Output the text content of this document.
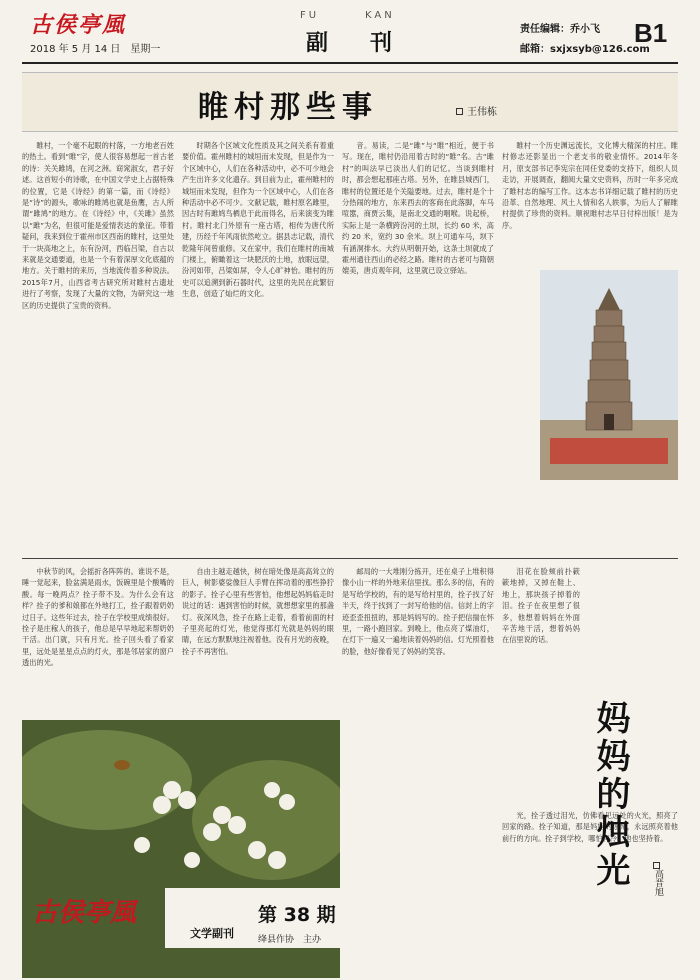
古侯亭風
2018 年 5 月 14 日　星期一
FU	KAN
副　刊
责任编辑：乔小飞
邮箱：sxjxsyb@126.com
B1
睢村那些事	王伟栋

睢村，一个毫不起眼的村落，一方地老百姓的热土。看到“睢”字，使人很容易想起一首古老的诗：关关雎鸠，在河之洲。窈窕淑女，君子好逑。这首短小的诗歌，在中国文学史上占据特殊的位置，它是《诗经》的第一篇，而《诗经》是“诗”的源头，歌咏的睢鸠也就是鱼鹰，古人所谓“雎鸠”的地方。在《诗经》中，《关雎》虽然以“雎”为名，但很可能是爱情表达的象征。带着疑问，我来到位于霍州市区西南的睢村，这里处于一块高地之上，东有汾河，西临吕梁，自古以来就是交通要道，也是一个有着深厚文化底蕴的地方。关于睢村的来历，当地流传着多种说法。2015年7月，山西省考古研究所对睢村古遗址进行了考察，发现了大量的文物，为研究这一地区的历史提供了宝贵的资料。

时期各个区域文化性质及其之间关系有着重要价值。霍州睢村的城垣而未发现，但是作为一个区域中心，人们在各种活动中，必不可少地会产生出许多文化遗存。到目前为止，霍州睢村的城垣而未发现，但作为一个区域中心，人们在各种活动中必不可少。文献记载，睢村原名雎里，因古时有雎鸠鸟栖息于此而得名，后来演变为睢村。睢村北门外原有一座古塔，相传为唐代所建，历经千年风雨依然屹立。据县志记载，清代乾隆年间曾重修。又在家中，我们在睢村的南城门楼上，俯瞰着这一块肥沃的土地，放眼远望，汾河如带，吕梁如屏，令人心旷神怡。睢村的历史可以追溯到新石器时代，这里的先民在此繁衍生息，创造了灿烂的文化。

音。易读，二是“雎”与“睢”相近，便于书写。现在，睢村仍沿用着古时的“睢”名。古“雎村”的叫法早已淡出人们的记忆。当谈到睢村时，都会想起那座古塔。另外，在睢县城西门，睢村的位置还是个关隘要地。过去，睢村是个十分热闹的地方，东来西去的客商在此落脚，车马喧嚣，商贾云集，是南北交通的咽喉。说起桥，实际上是一条横跨汾河的土坝，长约 60 米，高约 20 米，宽约 30 余米。坝上可通车马，坝下有涵洞排水。大约从明朝开始，这条土坝就成了霍州通往西山的必经之路。睢村的古老可与隋朝媲美，唐贞观年间，这里就已设立驿站。

睢村一个历史渊远流长，文化博大精深的村庄。睢村修志还影显出一个老支书的敬业情怀。2014年冬月，原支部书记李宪宗在同任党委的支持下，组织人员走访，开展调查，翻阅大量文史资料，历时一年多完成了睢村志的编写工作。这本志书详细记载了睢村的历史沿革、自然地理、风土人情和名人轶事，为后人了解睢村提供了珍贵的资料。顺祝睢村志早日付梓出版！是为序。

中秋节的风，会摇折各阵阵的。谁说不是，睡一觉起来，脸盆满是雨水，饭碗里是个酸嘴的酸。每一晚两点？拴子带不及。为什么会有这样？拴子的爹和娘都在外地打工，拴子跟着奶奶过日子。这些年过去，拴子在学校里成绩很好。拴子是庄稼人的孩子，他总是早早地起来帮奶奶干活。出门就，只有月光。拴子回头看了看家里，远处是星星点点的灯火，那是邻居家的窗户透出的光。

自由主越走越快，树在暗处像是高高耸立的巨人，树影婆娑像巨人手臂在挥动着的那些狰狞的影子。拴子心里有些害怕，他想起妈妈临走时说过的话：遇到害怕的时候，就想想家里的那盏灯。夜深风急，拴子在路上走着，看着前面的村子里亮起的灯光，他觉得那灯光就是妈妈的眼睛，在远方默默地注视着他。没有月光的夜晚，拴子不再害怕。

邮局的一大堆刚分拣开，还在桌子上堆积得像小山一样的外地来信里找。那么多的信，有的是写给学校的，有的是写给村里的，拴子找了好半天，终于找到了一封写给他的信。信封上的字迹歪歪扭扭的，那是妈妈写的。拴子把信揣在怀里，一路小跑回家。到晚上，他点亮了煤油灯，在灯下一遍又一遍地读着妈妈的信。灯光照着他的脸，他好像看见了妈妈的笑容。

泪花在脸颊前扑簌簌地掉，又掉在鞋上、地上，那块孩子掉着的泪。拴子在夜里想了很多，他想着妈妈在外面辛苦地干活，想着妈妈在信里说的话。

光，拴子透过泪光，仿佛看见远处的火光，照亮了回家的路。拴子知道，那是妈妈的烛光，永远照亮着他前行的方向。拴子到学校，哪怕再冷，他也坚持着。

妈妈的烛光	高晋旭
古侯亭風
文学副刊
第 38 期
绛县作协　主办
